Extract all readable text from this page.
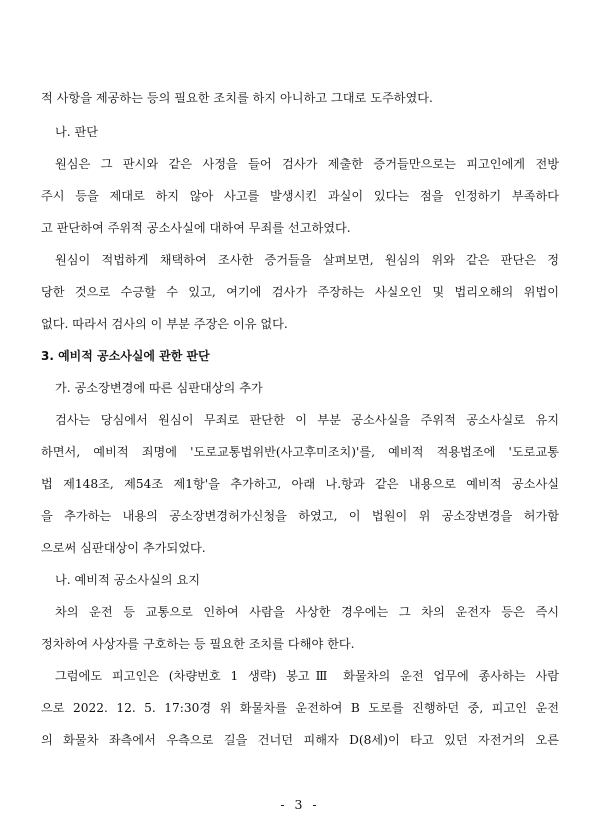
적 사항을 제공하는 등의 필요한 조치를 하지 아니하고 그대로 도주하였다.

나. 판단

원심은 그 판시와 같은 사정을 들어 검사가 제출한 증거들만으로는 피고인에게 전방

주시 등을 제대로 하지 않아 사고를 발생시킨 과실이 있다는 점을 인정하기 부족하다

고 판단하여 주위적 공소사실에 대하여 무죄를 선고하였다.

원심이 적법하게 채택하여 조사한 증거들을 살펴보면, 원심의 위와 같은 판단은 정

당한 것으로 수긍할 수 있고, 여기에 검사가 주장하는 사실오인 및 법리오해의 위법이

없다. 따라서 검사의 이 부분 주장은 이유 없다.

3. 예비적 공소사실에 관한 판단

가. 공소장변경에 따른 심판대상의 추가

검사는 당심에서 원심이 무죄로 판단한 이 부분 공소사실을 주위적 공소사실로 유지

하면서, 예비적 죄명에 '도로교통법위반(사고후미조치)'를, 예비적 적용법조에 '도로교통

법 제148조, 제54조 제1항'을 추가하고, 아래 나.항과 같은 내용으로 예비적 공소사실

을 추가하는 내용의 공소장변경허가신청을 하였고, 이 법원이 위 공소장변경을 허가함

으로써 심판대상이 추가되었다.

나. 예비적 공소사실의 요지

차의 운전 등 교통으로 인하여 사람을 사상한 경우에는 그 차의 운전자 등은 즉시

정차하여 사상자를 구호하는 등 필요한 조치를 다해야 한다.

그럼에도 피고인은 (차량번호 1 생략) 봉고Ⅲ 화물차의 운전 업무에 종사하는 사람

으로 2022. 12. 5. 17:30경 위 화물차를 운전하여 B 도로를 진행하던 중, 피고인 운전

의 화물차 좌측에서 우측으로 길을 건너던 피해자 D(8세)이 타고 있던 자전거의 오른

- 3 -
